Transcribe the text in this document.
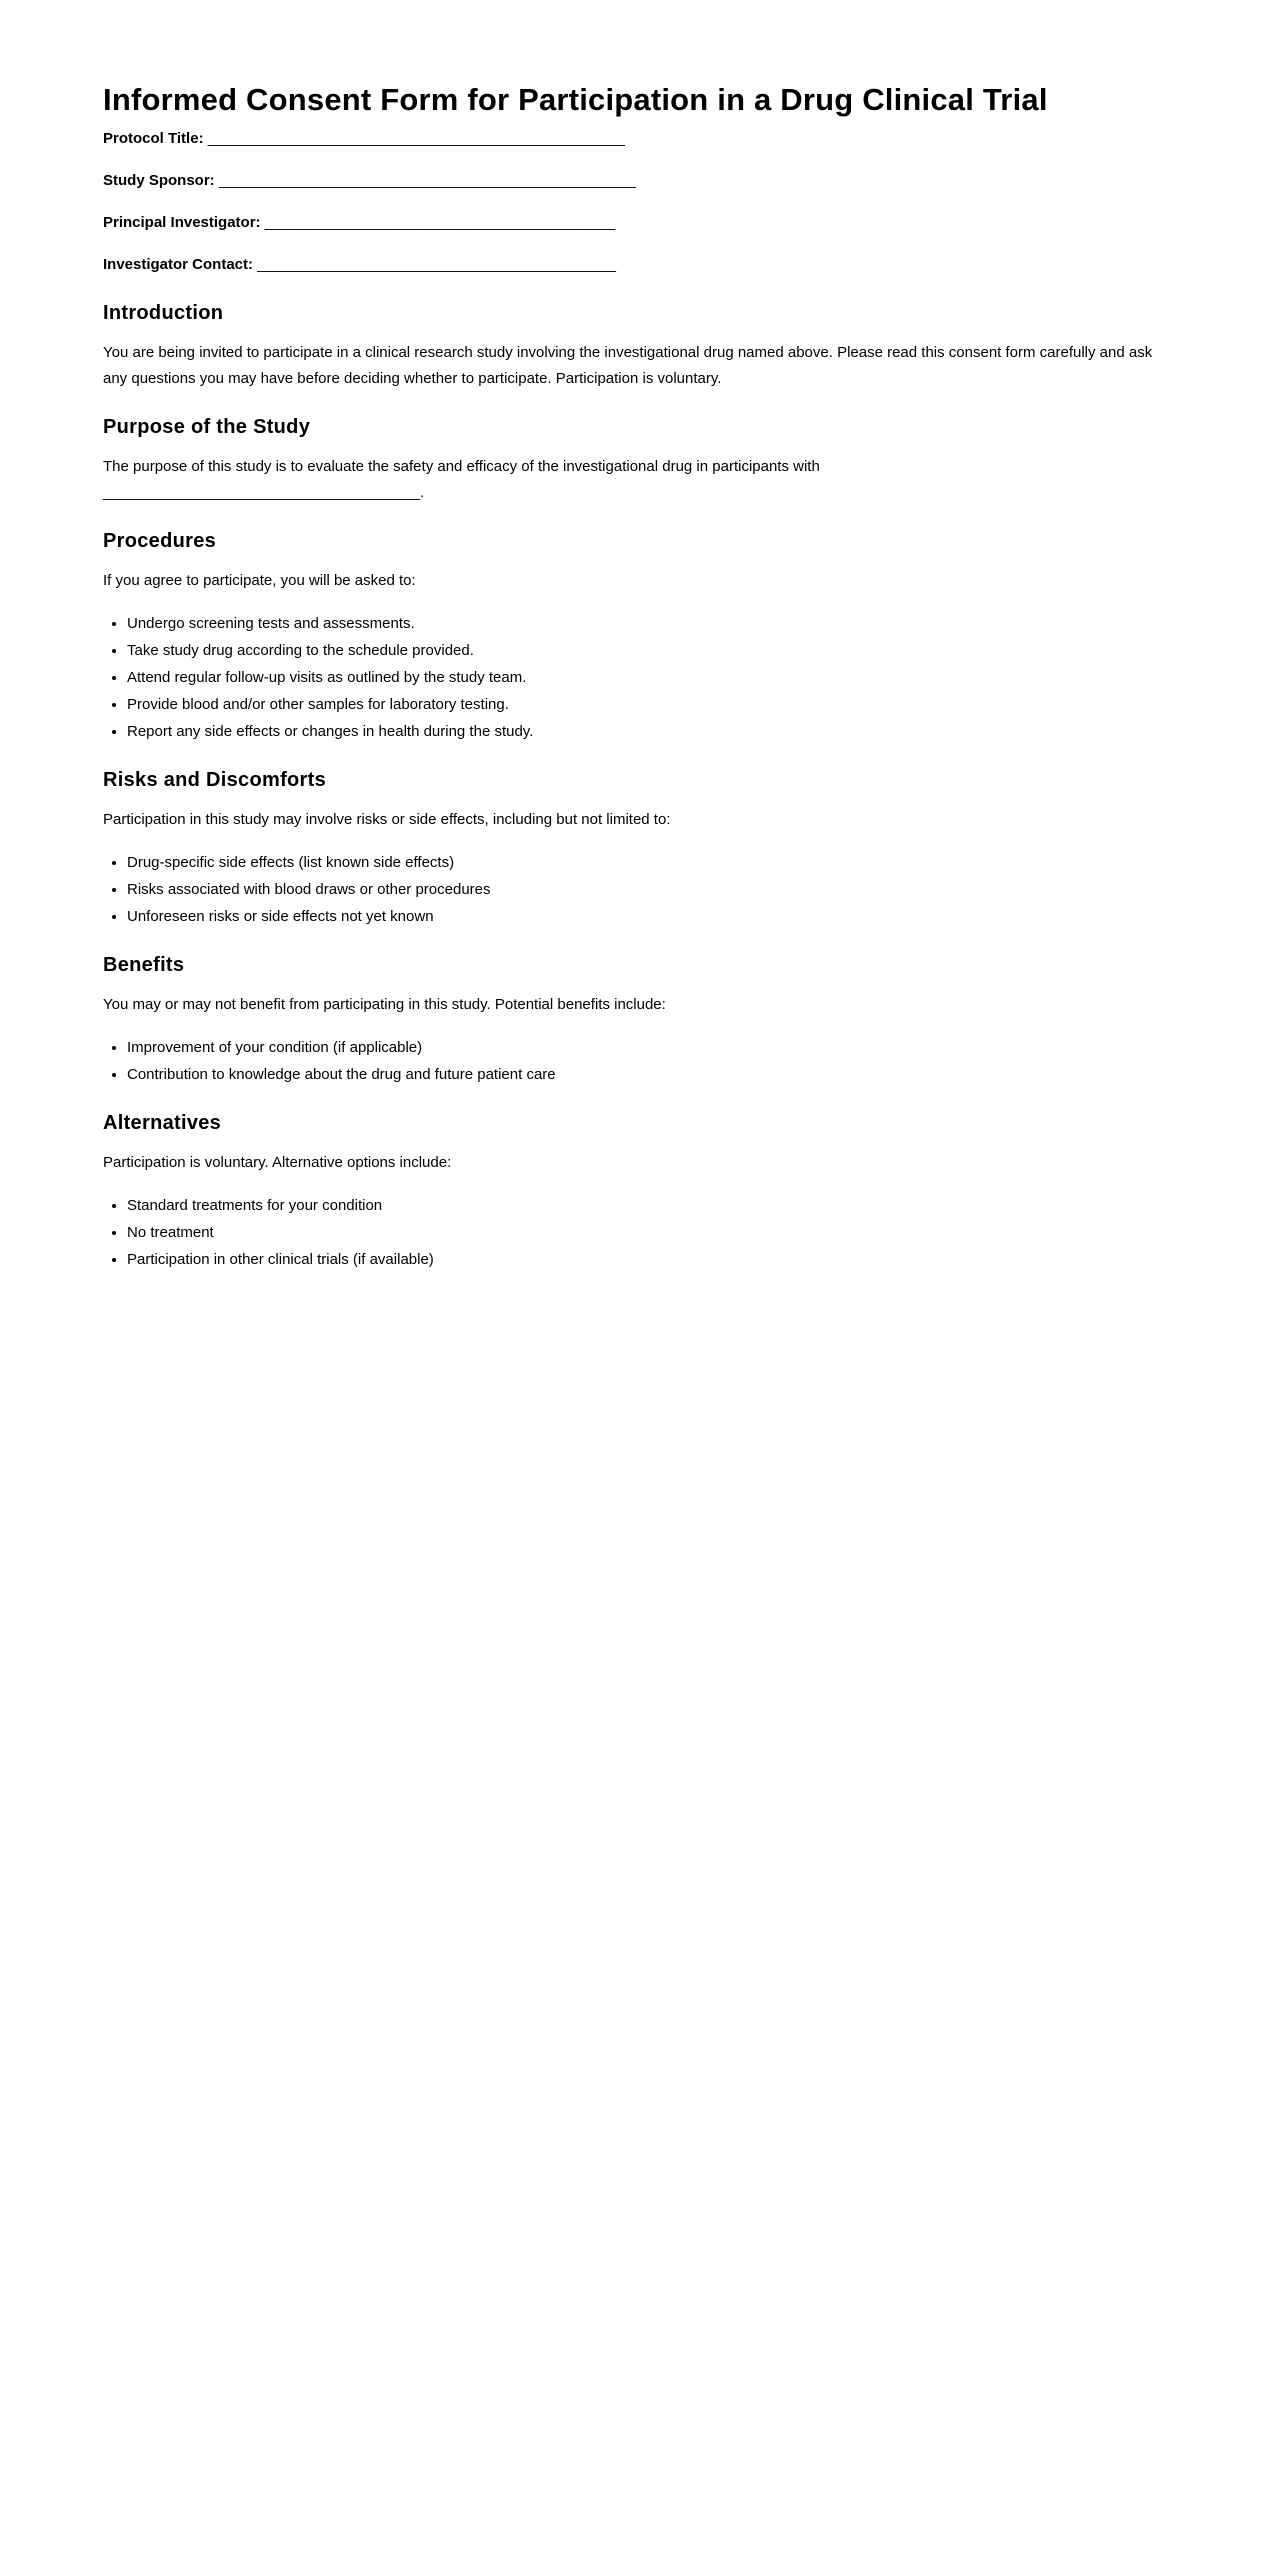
Informed Consent Form for Participation in a Drug Clinical Trial
Protocol Title: __________________________________________________
Study Sponsor: __________________________________________________
Principal Investigator: __________________________________________
Investigator Contact: ___________________________________________
Introduction

You are being invited to participate in a clinical research study involving the investigational drug named above. Please read this consent form carefully and ask any questions you may have before deciding whether to participate. Participation is voluntary.

Purpose of the Study

The purpose of this study is to evaluate the safety and efficacy of the investigational drug in participants with
______________________________________.

Procedures

If you agree to participate, you will be asked to:

• Undergo screening tests and assessments.
• Take study drug according to the schedule provided.
• Attend regular follow-up visits as outlined by the study team.
• Provide blood and/or other samples for laboratory testing.
• Report any side effects or changes in health during the study.
Risks and Discomforts

Participation in this study may involve risks or side effects, including but not limited to:

• Drug-specific side effects (list known side effects)
• Risks associated with blood draws or other procedures
• Unforeseen risks or side effects not yet known
Benefits

You may or may not benefit from participating in this study. Potential benefits include:

• Improvement of your condition (if applicable)
• Contribution to knowledge about the drug and future patient care
Alternatives

Participation is voluntary. Alternative options include:

• Standard treatments for your condition
• No treatment
• Participation in other clinical trials (if available)
